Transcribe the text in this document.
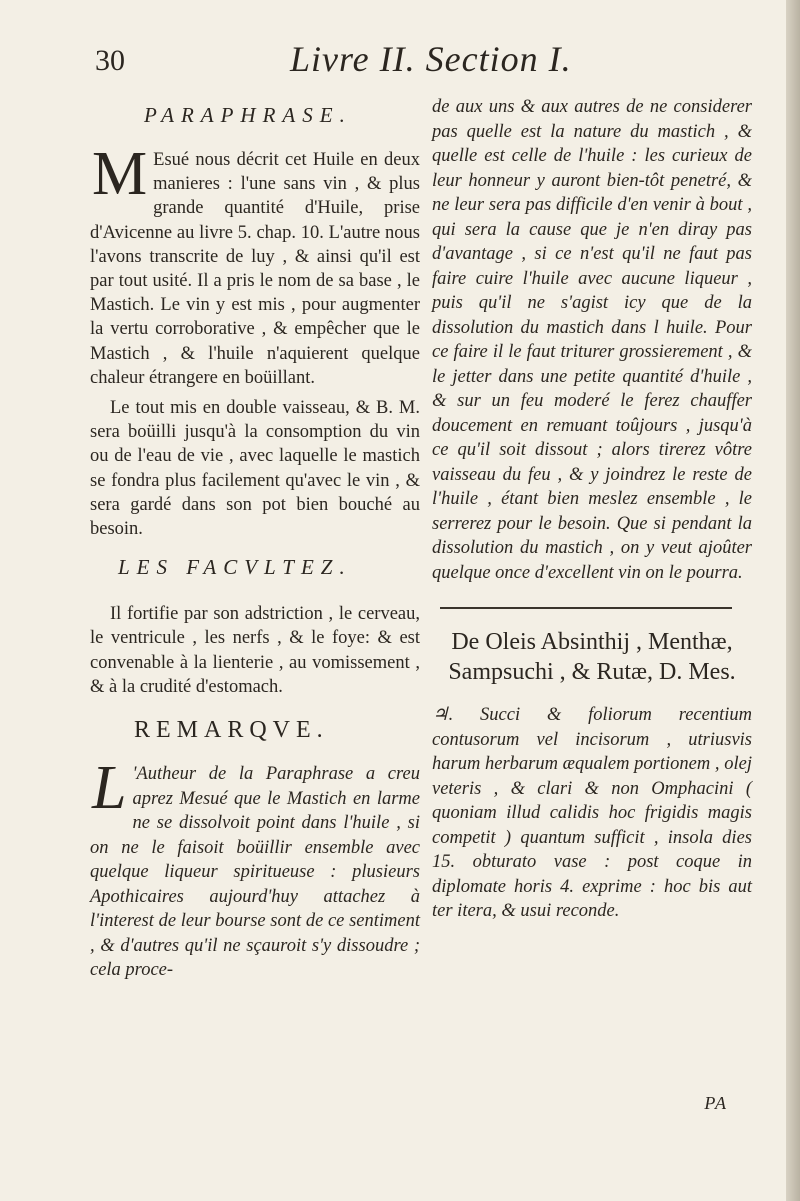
30	Livre II. Section I.
PARAPHRASE.

M Esué nous décrit cet Huile en deux manieres : l'une sans vin , & plus grande quantité d'Huile, prise d'Avicenne au livre 5. chap. 10. L'autre nous l'avons transcrite de luy , & ainsi qu'il est par tout usité. Il a pris le nom de sa base , le Mastich. Le vin y est mis , pour augmenter la vertu corroborative , & empêcher que le Mastich , & l'huile n'aquierent quelque chaleur étrangere en boüillant.

Le tout mis en double vaisseau, & B. M. sera boüilli jusqu'à la consomption du vin ou de l'eau de vie , avec laquelle le mastich se fondra plus facilement qu'avec le vin , & sera gardé dans son pot bien bouché au besoin.

LES FACVLTEZ.

Il fortifie par son adstriction , le cerveau, le ventricule , les nerfs , & le foye: & est convenable à la lienterie , au vomissement , & à la crudité d'estomach.

REMARQVE.

L 'Autheur de la Paraphrase a creu aprez Mesué que le Mastich en larme ne se dissolvoit point dans l'huile , si on ne le faisoit boüillir ensemble avec quelque liqueur spiritueuse : plusieurs Apothicaires aujourd'huy attachez à l'interest de leur bourse sont de ce sentiment , & d'autres qu'il ne sçauroit s'y dissoudre ; cela proce-

de aux uns & aux autres de ne considerer pas quelle est la nature du mastich , & quelle est celle de l'huile : les curieux de leur honneur y auront bien-tôt penetré, & ne leur sera pas difficile d'en venir à bout , qui sera la cause que je n'en diray pas d'avantage , si ce n'est qu'il ne faut pas faire cuire l'huile avec aucune liqueur , puis qu'il ne s'agist icy que de la dissolution du mastich dans l huile. Pour ce faire il le faut triturer grossierement , & le jetter dans une petite quantité d'huile , & sur un feu moderé le ferez chauffer doucement en remuant toûjours , jusqu'à ce qu'il soit dissout ; alors tirerez vôtre vaisseau du feu , & y joindrez le reste de l'huile , étant bien meslez ensemble , le serrerez pour le besoin. Que si pendant la dissolution du mastich , on y veut ajoûter quelque once d'excellent vin on le pourra.

De Oleis Absinthij , Menthæ, Sampsuchi , & Rutæ, D. Mes.

♃. Succi & foliorum recentium contusorum vel incisorum , utriusvis harum herbarum æqualem portionem , olej veteris , & clari & non Omphacini ( quoniam illud calidis hoc frigidis magis competit ) quantum sufficit , insola dies 15. obturato vase : post coque in diplomate horis 4. exprime : hoc bis aut ter itera, & usui reconde.

PA
